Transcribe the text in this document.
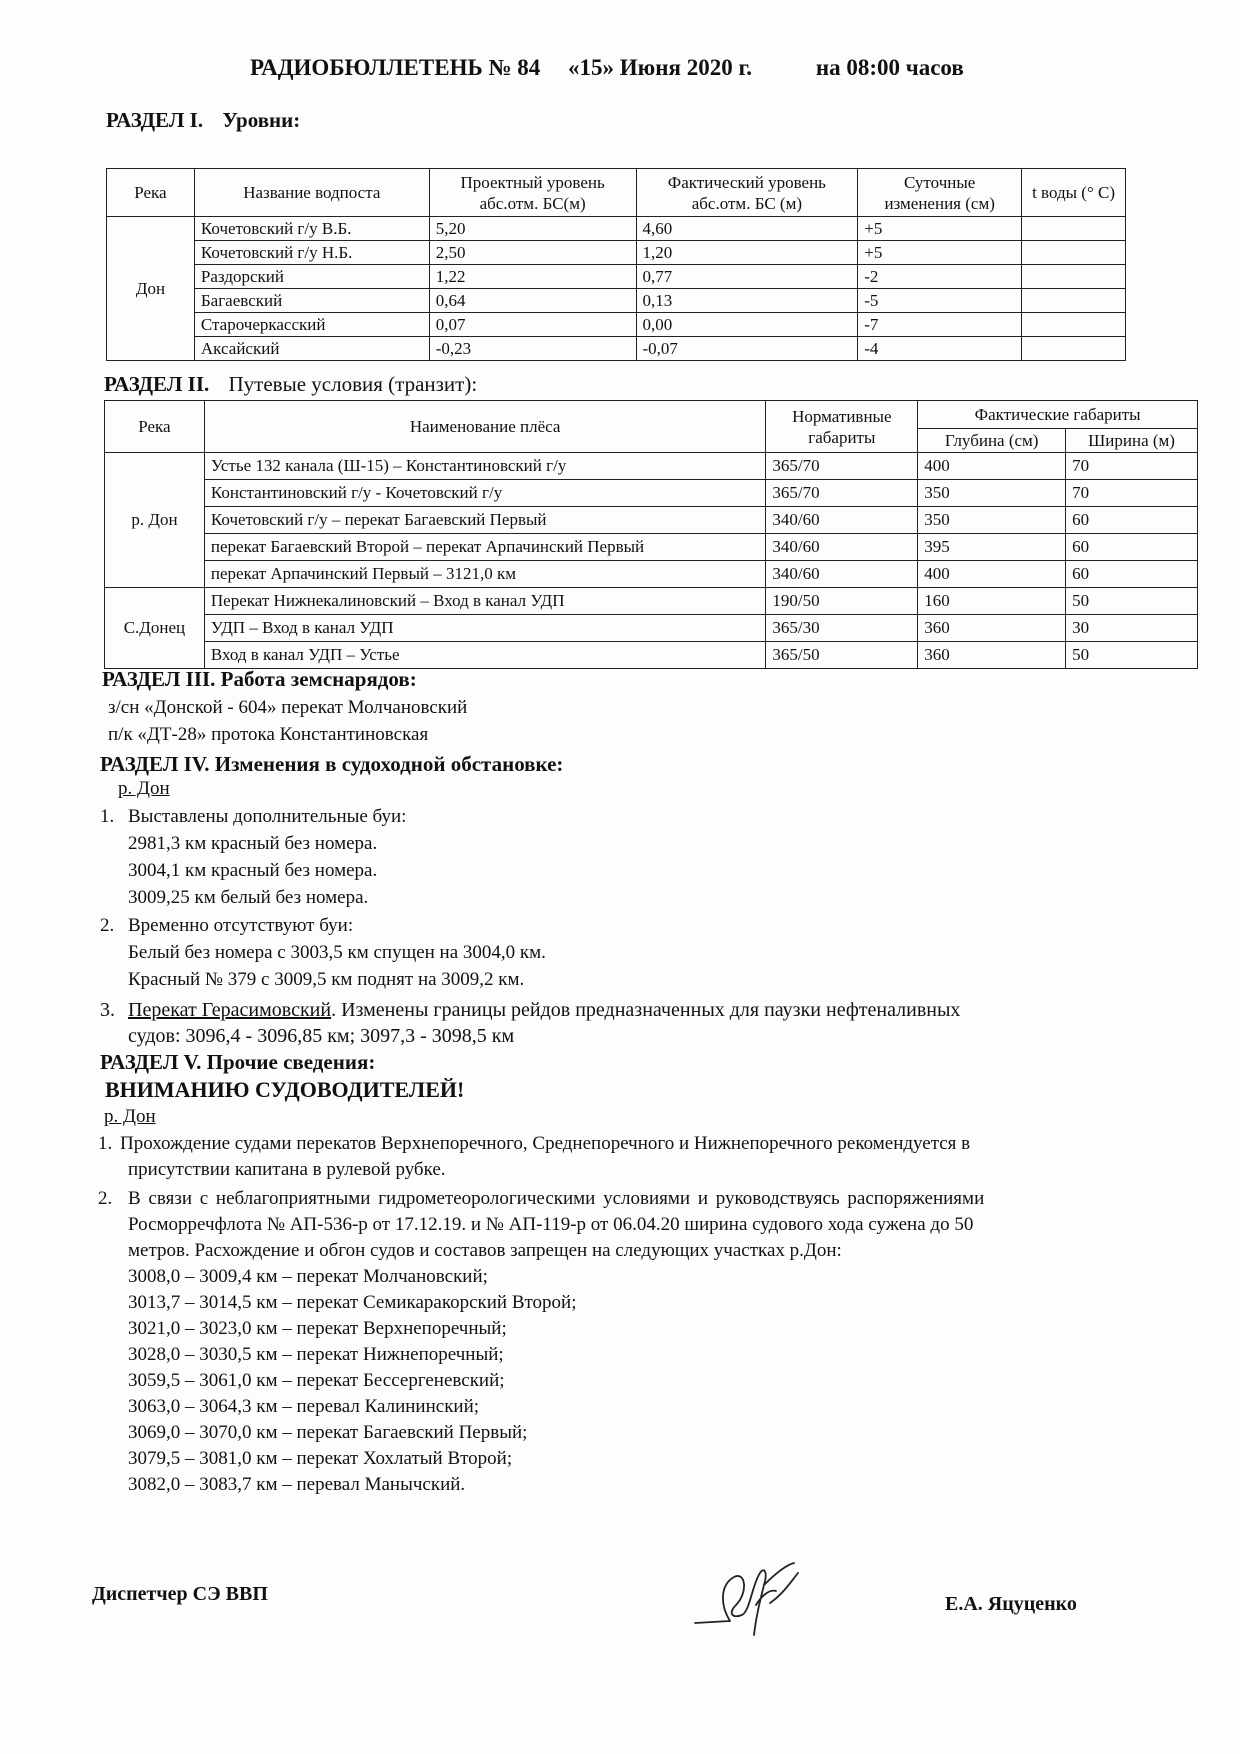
РАДИОБЮЛЛЕТЕНЬ № 84 «15» Июня 2020 г.	на 08:00 часов
РАЗДЕЛ I. Уровни:
Река	Название водпоста	Проектный уровень абс.отм. БС(м)	Фактический уровень абс.отм. БС (м)	Суточные изменения (см)	t воды (° С)
Дон	Кочетовский г/у В.Б.	5,20	4,60	+5	
	Кочетовский г/у Н.Б.	2,50	1,20	+5	
	Раздорский	1,22	0,77	-2	
	Багаевский	0,64	0,13	-5	
	Старочеркасский	0,07	0,00	-7	
	Аксайский	-0,23	-0,07	-4	
РАЗДЕЛ II. Путевые условия (транзит):
Река	Наименование плёса	Нормативные габариты	Фактические габариты	
			Глубина (см)	Ширина (м)
р. Дон	Устье 132 канала (Ш-15) – Константиновский г/у	365/70	400	70
	Константиновский г/у - Кочетовский г/у	365/70	350	70
	Кочетовский г/у – перекат Багаевский Первый	340/60	350	60
	перекат Багаевский Второй – перекат Арпачинский Первый	340/60	395	60
	перекат Арпачинский Первый – 3121,0 км	340/60	400	60
С.Донец	Перекат Нижнекалиновский – Вход в канал УДП	190/50	160	50
	УДП – Вход в канал УДП	365/30	360	30
	Вход в канал УДП – Устье	365/50	360	50
РАЗДЕЛ III. Работа земснарядов:
з/сн «Донской - 604» перекат Молчановский
п/к «ДТ-28» протока Константиновская
РАЗДЕЛ IV. Изменения в судоходной обстановке:
р. Дон
1. Выставлены дополнительные буи:
2981,3 км красный без номера.
3004,1 км красный без номера.
3009,25 км белый без номера.
2. Временно отсутствуют буи:
Белый без номера с 3003,5 км спущен на 3004,0 км.
Красный № 379 с 3009,5 км поднят на 3009,2 км.
3. Перекат Герасимовский. Изменены границы рейдов предназначенных для паузки нефтеналивных
судов: 3096,4 - 3096,85 км; 3097,3 - 3098,5 км
РАЗДЕЛ V. Прочие сведения:
ВНИМАНИЮ СУДОВОДИТЕЛЕЙ!
р. Дон
1. Прохождение судами перекатов Верхнепоречного, Среднепоречного и Нижнепоречного рекомендуется в
присутствии капитана в рулевой рубке.
2. В связи с неблагоприятными гидрометеорологическими условиями и руководствуясь распоряжениями
Росморречфлота № АП-536-р от 17.12.19. и № АП-119-р от 06.04.20 ширина судового хода сужена до 50
метров. Расхождение и обгон судов и составов запрещен на следующих участках р.Дон:
3008,0 – 3009,4 км – перекат Молчановский;
3013,7 – 3014,5 км – перекат Семикаракорский Второй;
3021,0 – 3023,0 км – перекат Верхнепоречный;
3028,0 – 3030,5 км – перекат Нижнепоречный;
3059,5 – 3061,0 км – перекат Бессергеневский;
3063,0 – 3064,3 км – перевал Калининский;
3069,0 – 3070,0 км – перекат Багаевский Первый;
3079,5 – 3081,0 км – перекат Хохлатый Второй;
3082,0 – 3083,7 км – перевал Манычский.
Диспетчер СЭ ВВП	Е.А. Яцуценко
